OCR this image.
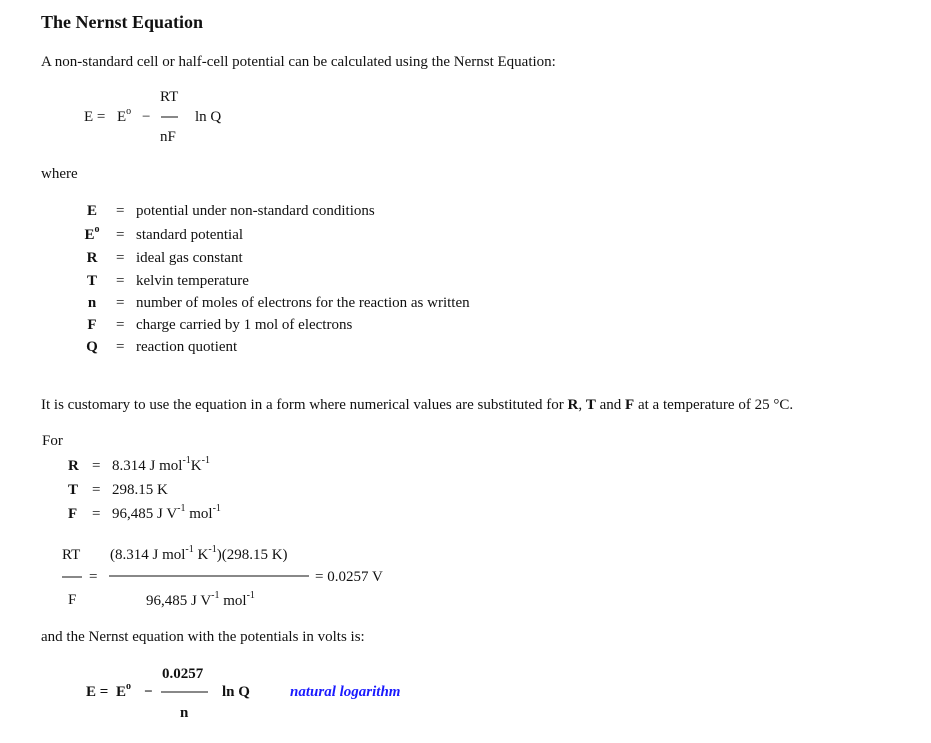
The Nernst Equation
A non-standard cell or half-cell potential can be calculated using the Nernst Equation:
$E = E^o$ −
RT
nF
ln Q
where
E	= potential under non-standard conditions
$E^o$ = standard potential
R	= ideal gas constant
T	= kelvin temperature
n	= number of moles of electrons for the reaction as written
F	= charge carried by 1 mol of electrons
Q = reaction quotient
It is customary to use the equation in a form where numerical values are substituted for R, T and F at a temperature of 25 °C.
For
R = 8.314 J $mol^{-1}K^{-1}$
T = 298.15 K
F = 96,485 J $V^{-1}$ mol$^{-1}$
RT
F
=
(8.314 J mol$^{-1}$ $K^{-1})(298.15$ K)
96,485 J $V^{-1}$ mol$^{-1}$
= 0.0257 V
and the Nernst equation with the potentials in volts is:
$E = E^o$ −
0.0257
n
ln Q	natural logarithm
